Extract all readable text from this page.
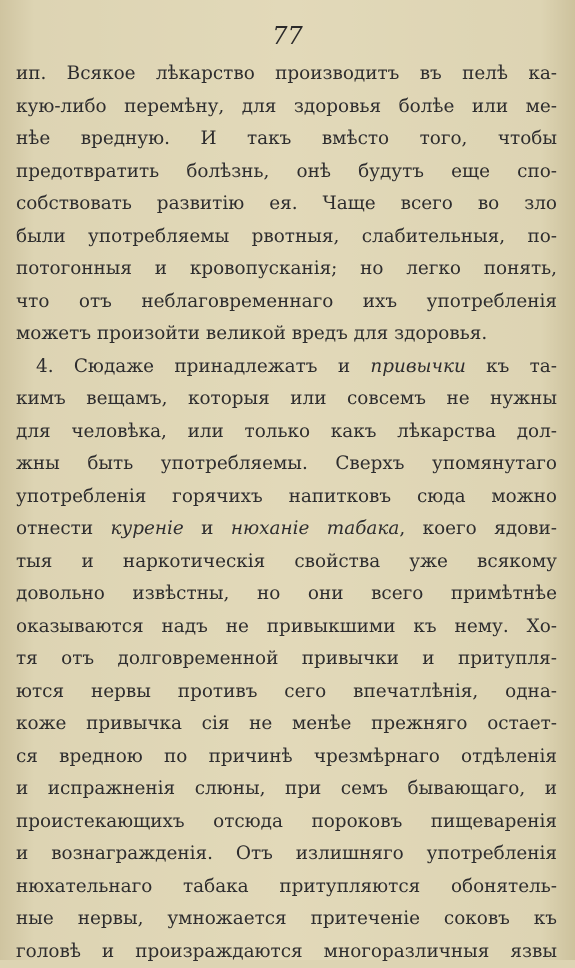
77
ип. Всякое лѣкарство производитъ въ пелѣ ка-
кую-либо перемѣну, для здоровья болѣе или ме-
нѣе вредную. И такъ вмѣсто того, чтобы
предотвратить болѣзнь, онѣ будутъ еще спо-
собствовать развитію ея. Чаще всего во зло
были употребляемы рвотныя, слабительныя, по-
потогонныя и кровопусканія; но легко понять,
что отъ неблаговременнаго ихъ употребленія
можетъ произойти великой вредъ для здоровья.
4. Сюдаже принадлежатъ и привычки къ та-
кимъ вещамъ, которыя или совсемъ не нужны
для человѣка, или только какъ лѣкарства дол-
жны быть употребляемы. Сверхъ упомянутаго
употребленія горячихъ напитковъ сюда можно
отнести куреніе и нюханіе табака, коего ядови-
тыя и наркотическія свойства уже всякому
довольно извѣстны, но они всего примѣтнѣе
оказываются надъ не привыкшими къ нему. Хо-
тя отъ долговременной привычки и притупля-
ются нервы противъ сего впечатлѣнія, одна-
коже привычка сія не менѣе прежняго остает-
ся вредною по причинѣ чрезмѣрнаго отдѣленія
и испражненія слюны, при семъ бывающаго, и
проистекающихъ отсюда пороковъ пищеваренія
и вознагражденія. Отъ излишняго употребленія
нюхательнаго табака притупляются обонятель-
ные нервы, умножается притеченіе соковъ къ
головѣ и произраждаются многоразличныя язвы
